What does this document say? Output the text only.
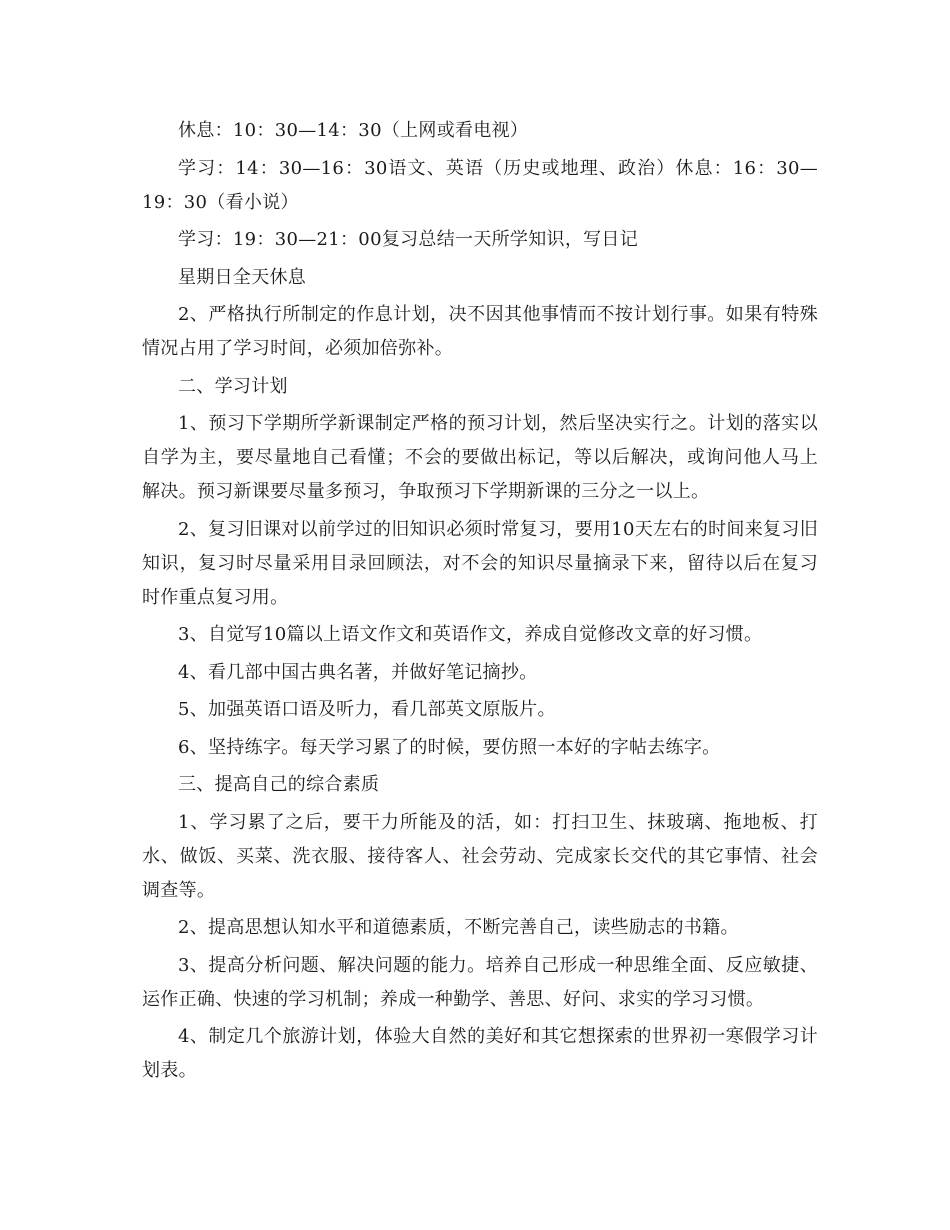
休息：10：30—14：30（上网或看电视）

学习：14：30—16：30语文、英语（历史或地理、政治）休息：16：30—19：30（看小说）

学习：19：30—21：00复习总结一天所学知识，写日记

星期日全天休息

2、严格执行所制定的作息计划，决不因其他事情而不按计划行事。如果有特殊情况占用了学习时间，必须加倍弥补。

二、学习计划

1、预习下学期所学新课制定严格的预习计划，然后坚决实行之。计划的落实以自学为主，要尽量地自己看懂；不会的要做出标记，等以后解决，或询问他人马上解决。预习新课要尽量多预习，争取预习下学期新课的三分之一以上。

2、复习旧课对以前学过的旧知识必须时常复习，要用10天左右的时间来复习旧知识，复习时尽量采用目录回顾法，对不会的知识尽量摘录下来，留待以后在复习时作重点复习用。

3、自觉写10篇以上语文作文和英语作文，养成自觉修改文章的好习惯。

4、看几部中国古典名著，并做好笔记摘抄。

5、加强英语口语及听力，看几部英文原版片。

6、坚持练字。每天学习累了的时候，要仿照一本好的字帖去练字。

三、提高自己的综合素质

1、学习累了之后，要干力所能及的活，如：打扫卫生、抹玻璃、拖地板、打水、做饭、买菜、洗衣服、接待客人、社会劳动、完成家长交代的其它事情、社会调查等。

2、提高思想认知水平和道德素质，不断完善自己，读些励志的书籍。

3、提高分析问题、解决问题的能力。培养自己形成一种思维全面、反应敏捷、运作正确、快速的学习机制；养成一种勤学、善思、好问、求实的学习习惯。

4、制定几个旅游计划，体验大自然的美好和其它想探索的世界初一寒假学习计划表。
